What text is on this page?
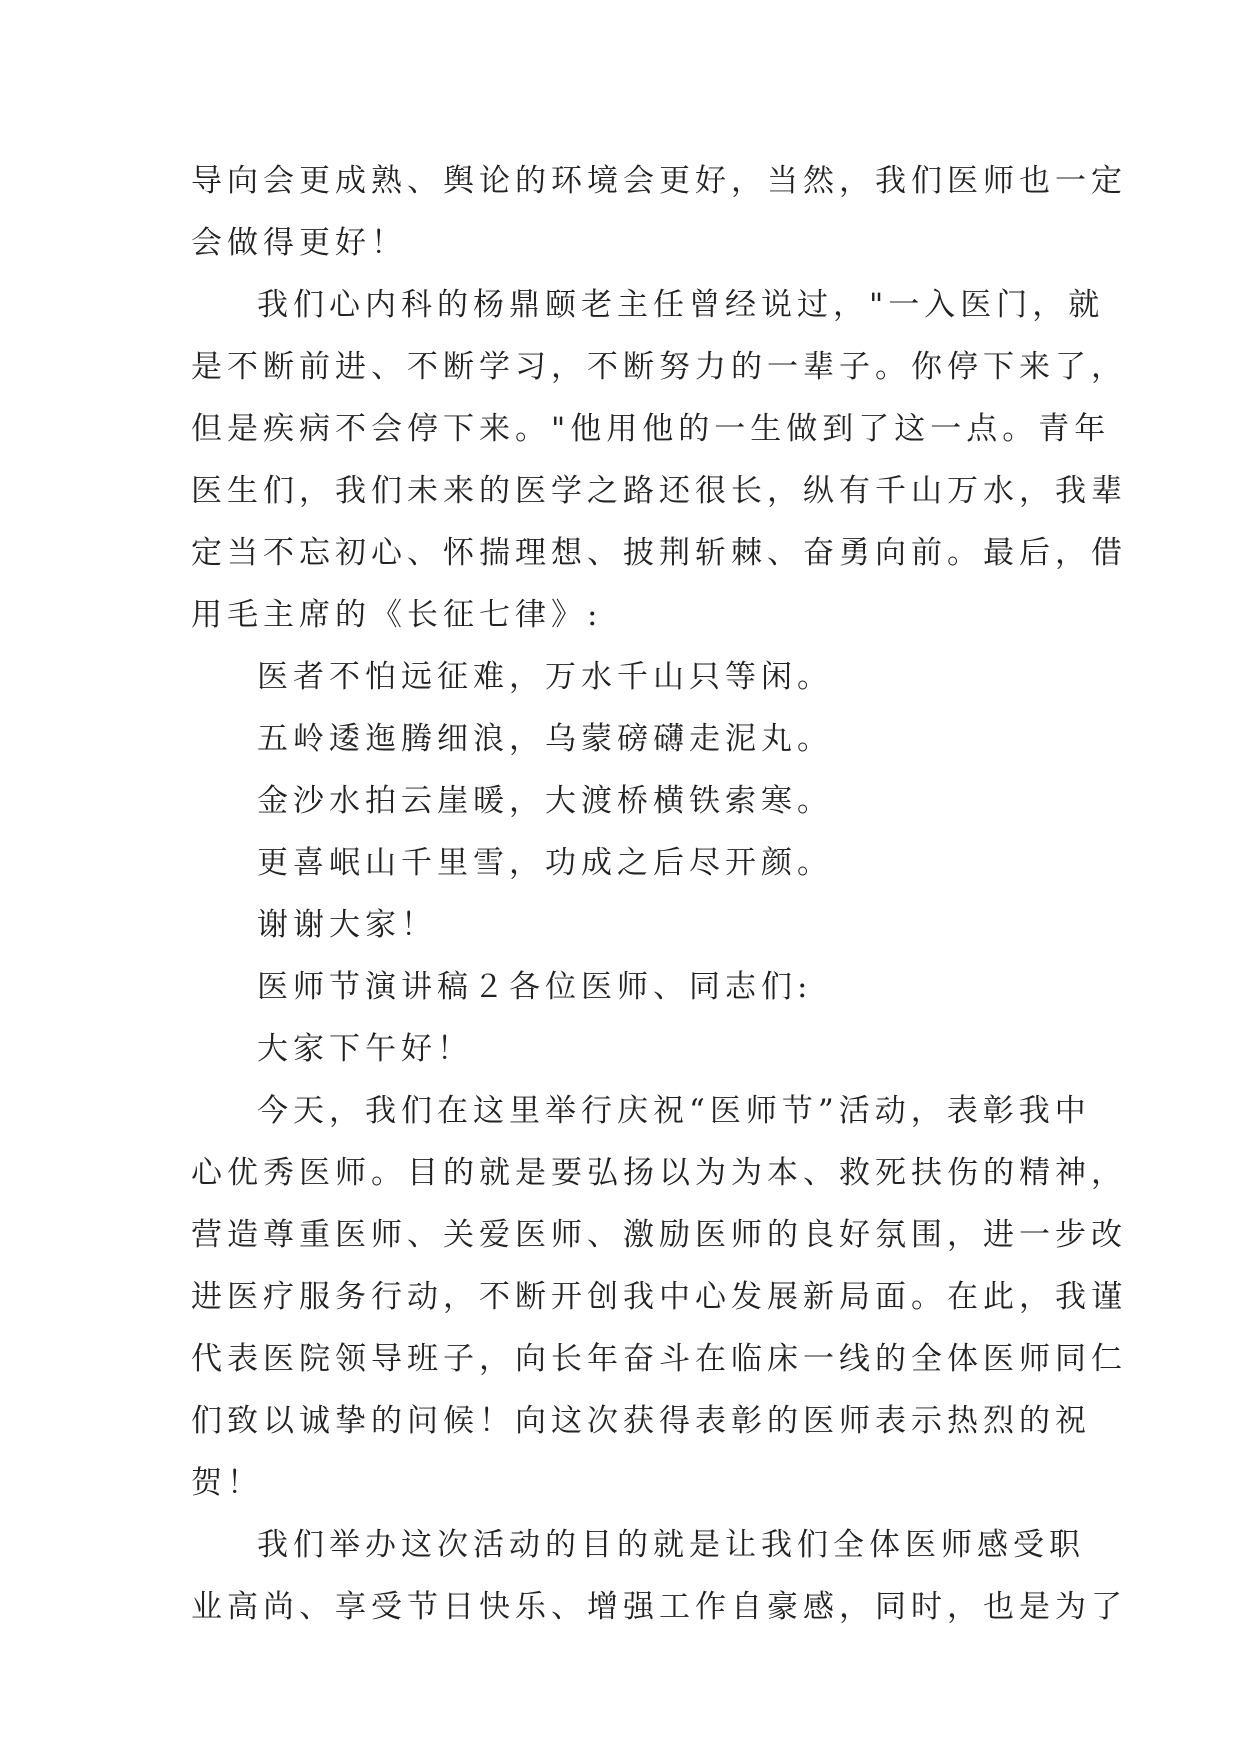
导向会更成熟、舆论的环境会更好，当然，我们医师也一定
会做得更好！
我们心内科的杨鼎颐老主任曾经说过，"一入医门，就
是不断前进、不断学习，不断努力的一辈子。你停下来了，
但是疾病不会停下来。"他用他的一生做到了这一点。青年
医生们，我们未来的医学之路还很长，纵有千山万水，我辈
定当不忘初心、怀揣理想、披荆斩棘、奋勇向前。最后，借
用毛主席的《长征七律》:
医者不怕远征难，万水千山只等闲。
五岭逶迤腾细浪，乌蒙磅礴走泥丸。
金沙水拍云崖暖，大渡桥横铁索寒。
更喜岷山千里雪，功成之后尽开颜。
谢谢大家！
医师节演讲稿２各位医师、同志们:
大家下午好！
今天，我们在这里举行庆祝“医师节”活动，表彰我中
心优秀医师。目的就是要弘扬以为为本、救死扶伤的精神，
营造尊重医师、关爱医师、激励医师的良好氛围，进一步改
进医疗服务行动，不断开创我中心发展新局面。在此，我谨
代表医院领导班子，向长年奋斗在临床一线的全体医师同仁
们致以诚挚的问候！向这次获得表彰的医师表示热烈的祝
贺！
我们举办这次活动的目的就是让我们全体医师感受职
业高尚、享受节日快乐、增强工作自豪感，同时，也是为了
